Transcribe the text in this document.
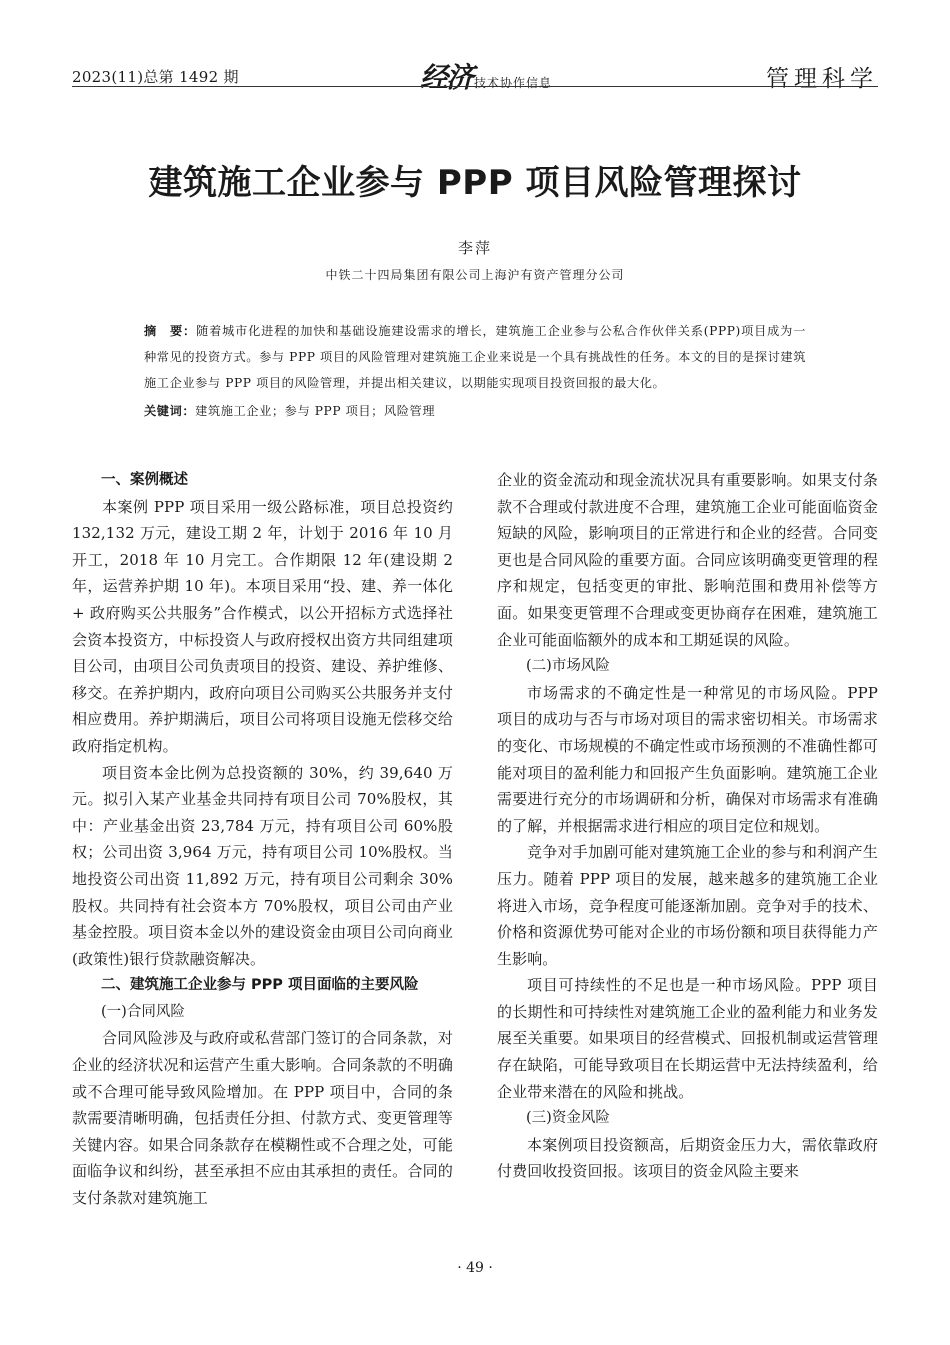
2023(11)总第 1492 期	经济 技术协作信息	管理科学
建筑施工企业参与 PPP 项目风险管理探讨
李萍
中铁二十四局集团有限公司上海沪有资产管理分公司
摘　要：随着城市化进程的加快和基础设施建设需求的增长，建筑施工企业参与公私合作伙伴关系(PPP)项目成为一种常见的投资方式。参与 PPP 项目的风险管理对建筑施工企业来说是一个具有挑战性的任务。本文的目的是探讨建筑施工企业参与 PPP 项目的风险管理，并提出相关建议，以期能实现项目投资回报的最大化。
关键词：建筑施工企业；参与 PPP 项目；风险管理
一、案例概述

本案例 PPP 项目采用一级公路标准，项目总投资约 132,132 万元，建设工期 2 年，计划于 2016 年 10 月开工，2018 年 10 月完工。合作期限 12 年(建设期 2 年，运营养护期 10 年)。本项目采用“投、建、养一体化 + 政府购买公共服务”合作模式，以公开招标方式选择社会资本投资方，中标投资人与政府授权出资方共同组建项目公司，由项目公司负责项目的投资、建设、养护维修、移交。在养护期内，政府向项目公司购买公共服务并支付相应费用。养护期满后，项目公司将项目设施无偿移交给政府指定机构。

项目资本金比例为总投资额的 30%，约 39,640 万元。拟引入某产业基金共同持有项目公司 70%股权，其中：产业基金出资 23,784 万元，持有项目公司 60%股权；公司出资 3,964 万元，持有项目公司 10%股权。当地投资公司出资 11,892 万元，持有项目公司剩余 30%股权。共同持有社会资本方 70%股权，项目公司由产业基金控股。项目资本金以外的建设资金由项目公司向商业(政策性)银行贷款融资解决。

二、建筑施工企业参与 PPP 项目面临的主要风险
(一)合同风险

合同风险涉及与政府或私营部门签订的合同条款，对企业的经济状况和运营产生重大影响。合同条款的不明确或不合理可能导致风险增加。在 PPP 项目中，合同的条款需要清晰明确，包括责任分担、付款方式、变更管理等关键内容。如果合同条款存在模糊性或不合理之处，可能面临争议和纠纷，甚至承担不应由其承担的责任。合同的支付条款对建筑施工

企业的资金流动和现金流状况具有重要影响。如果支付条款不合理或付款进度不合理，建筑施工企业可能面临资金短缺的风险，影响项目的正常进行和企业的经营。合同变更也是合同风险的重要方面。合同应该明确变更管理的程序和规定，包括变更的审批、影响范围和费用补偿等方面。如果变更管理不合理或变更协商存在困难，建筑施工企业可能面临额外的成本和工期延误的风险。

(二)市场风险

市场需求的不确定性是一种常见的市场风险。PPP 项目的成功与否与市场对项目的需求密切相关。市场需求的变化、市场规模的不确定性或市场预测的不准确性都可能对项目的盈利能力和回报产生负面影响。建筑施工企业需要进行充分的市场调研和分析，确保对市场需求有准确的了解，并根据需求进行相应的项目定位和规划。

竞争对手加剧可能对建筑施工企业的参与和利润产生压力。随着 PPP 项目的发展，越来越多的建筑施工企业将进入市场，竞争程度可能逐渐加剧。竞争对手的技术、价格和资源优势可能对企业的市场份额和项目获得能力产生影响。

项目可持续性的不足也是一种市场风险。PPP 项目的长期性和可持续性对建筑施工企业的盈利能力和业务发展至关重要。如果项目的经营模式、回报机制或运营管理存在缺陷，可能导致项目在长期运营中无法持续盈利，给企业带来潜在的风险和挑战。

(三)资金风险

本案例项目投资额高，后期资金压力大，需依靠政府付费回收投资回报。该项目的资金风险主要来

· 49 ·
